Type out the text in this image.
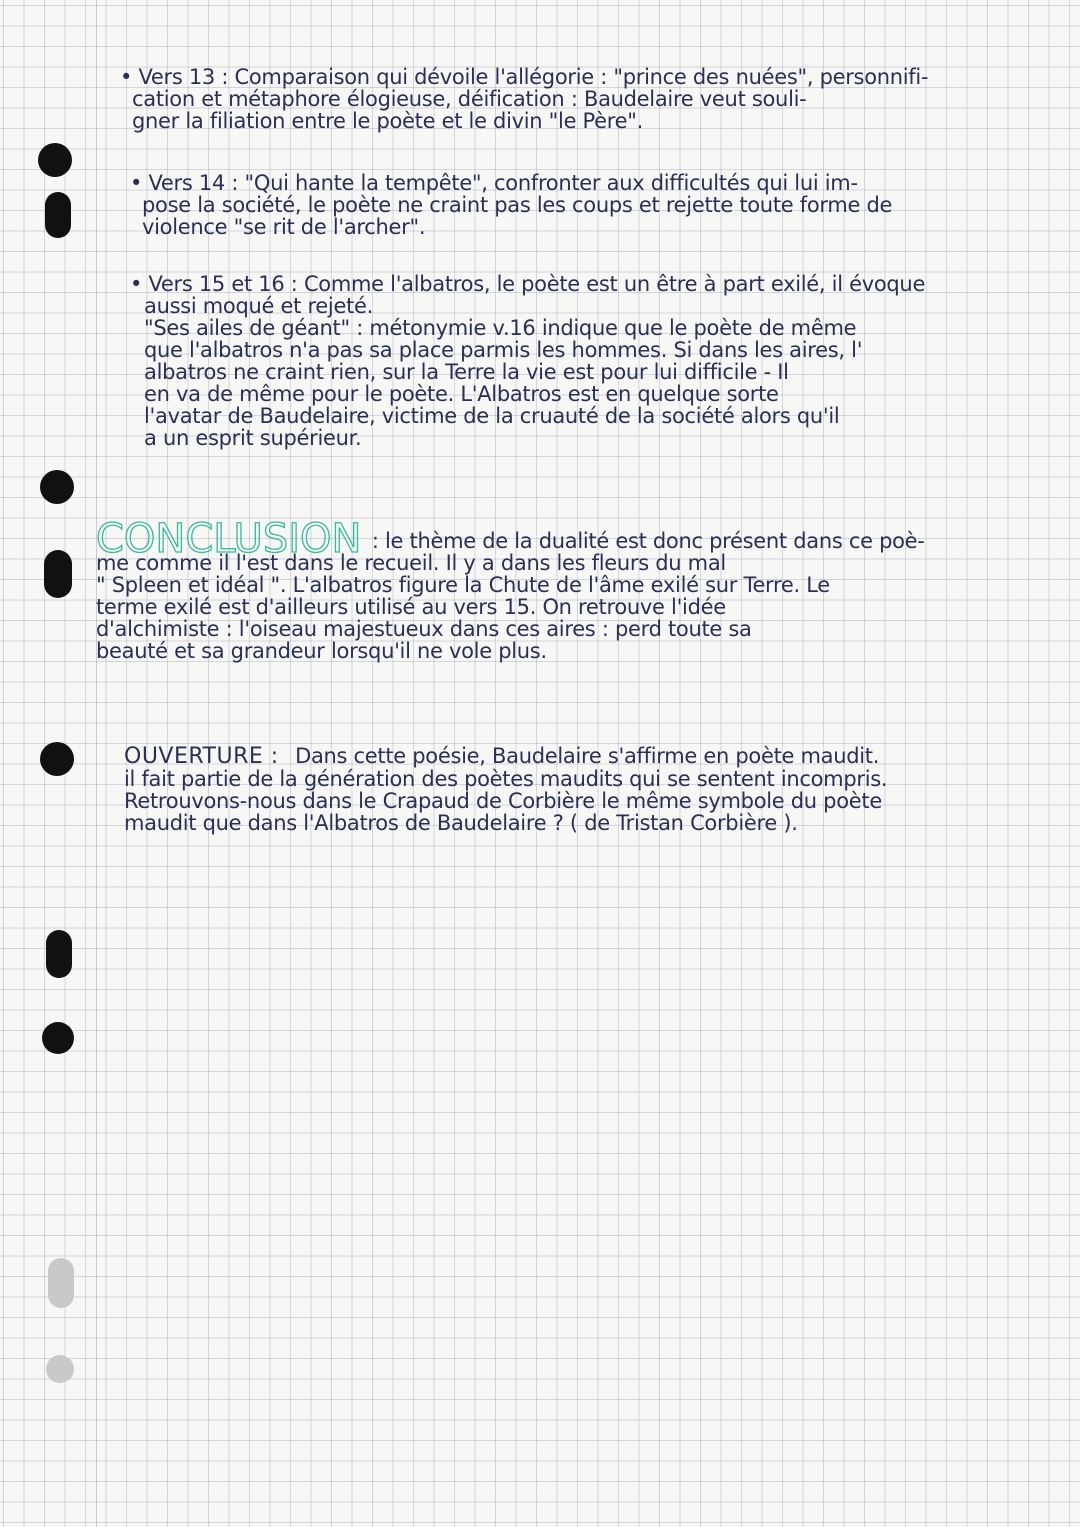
• Vers 13 : Comparaison qui dévoile l'allégorie : "prince des nuées", personnifi-
cation et métaphore élogieuse, déification : Baudelaire veut souli-
gner la filiation entre le poète et le divin "le Père".
• Vers 14 : "Qui hante la tempête", confronter aux difficultés qui lui im-
pose la société, le poète ne craint pas les coups et rejette toute forme de
violence "se rit de l'archer".
• Vers 15 et 16 : Comme l'albatros, le poète est un être à part exilé, il évoque
aussi moqué et rejeté.
"Ses ailes de géant" : métonymie v.16 indique que le poète de même
que l'albatros n'a pas sa place parmis les hommes. Si dans les aires, l'
albatros ne craint rien, sur la Terre la vie est pour lui difficile - Il
en va de même pour le poète. L'Albatros est en quelque sorte
l'avatar de Baudelaire, victime de la cruauté de la société alors qu'il
a un esprit supérieur.
CONCLUSION : le thème de la dualité est donc présent dans ce poè-
me comme il l'est dans le recueil. Il y a dans les fleurs du mal
" Spleen et idéal ". L'albatros figure la Chute de l'âme exilé sur Terre. Le
terme exilé est d'ailleurs utilisé au vers 15. On retrouve l'idée
d'alchimiste : l'oiseau majestueux dans ces aires : perd toute sa
beauté et sa grandeur lorsqu'il ne vole plus.
OUVERTURE : Dans cette poésie, Baudelaire s'affirme en poète maudit.
il fait partie de la génération des poètes maudits qui se sentent incompris.
Retrouvons-nous dans le Crapaud de Corbière le même symbole du poète
maudit que dans l'Albatros de Baudelaire ? ( de Tristan Corbière ).
